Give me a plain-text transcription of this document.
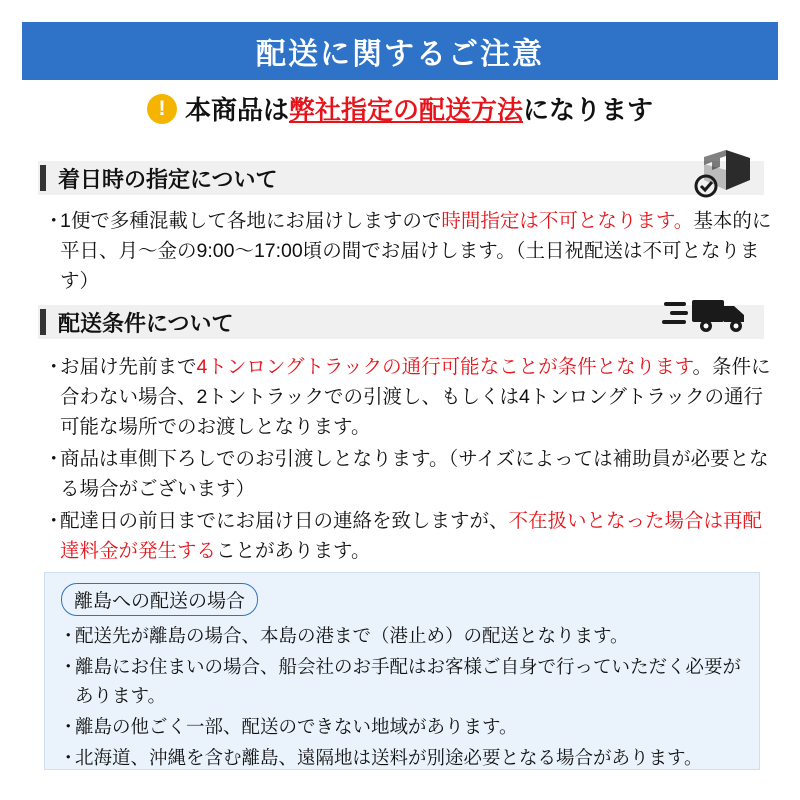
配送に関するご注意
! 本商品は弊社指定の配送方法になります
着日時の指定について
・
1便で多種混載して各地にお届けしますので時間指定は不可となります。基本的に平日、月〜金の9:00〜17:00頃の間でお届けします。（土日祝配送は不可となります）
配送条件について
・
お届け先前まで4トンロングトラックの通行可能なことが条件となります。条件に合わない場合、2トントラックでの引渡し、もしくは4トンロングトラックの通行可能な場所でのお渡しとなります。
・
商品は車側下ろしでのお引渡しとなります。（サイズによっては補助員が必要となる場合がございます）
・
配達日の前日までにお届け日の連絡を致しますが、不在扱いとなった場合は再配達料金が発生することがあります。
離島への配送の場合
・
配送先が離島の場合、本島の港まで（港止め）の配送となります。
・
離島にお住まいの場合、船会社のお手配はお客様ご自身で行っていただく必要があります。
・
離島の他ごく一部、配送のできない地域があります。
・
北海道、沖縄を含む離島、遠隔地は送料が別途必要となる場合があります。
